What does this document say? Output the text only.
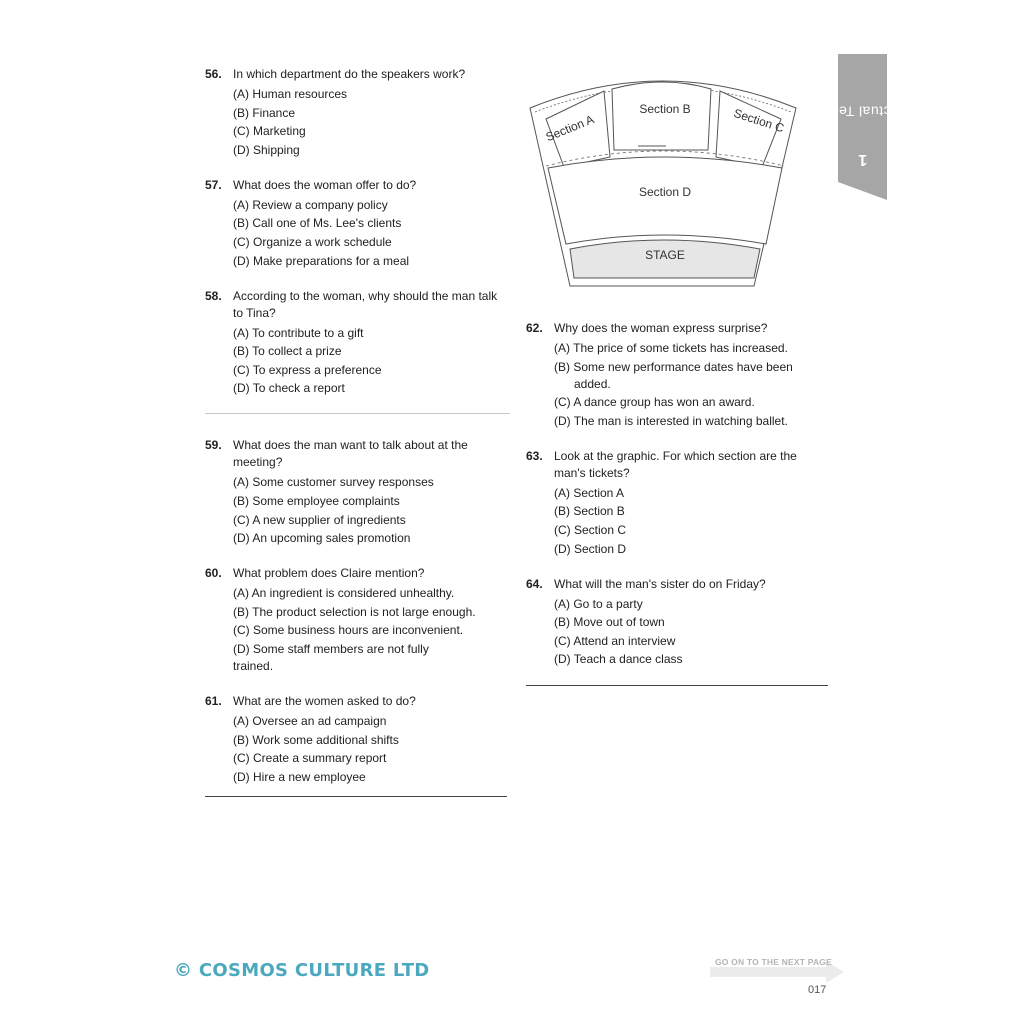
56. In which department do the speakers work?
(A) Human resources
(B) Finance
(C) Marketing
(D) Shipping
57. What does the woman offer to do?
(A) Review a company policy
(B) Call one of Ms. Lee's clients
(C) Organize a work schedule
(D) Make preparations for a meal
58. According to the woman, why should the man talk to Tina?
(A) To contribute to a gift
(B) To collect a prize
(C) To express a preference
(D) To check a report
59. What does the man want to talk about at the meeting?
(A) Some customer survey responses
(B) Some employee complaints
(C) A new supplier of ingredients
(D) An upcoming sales promotion
60. What problem does Claire mention?
(A) An ingredient is considered unhealthy.
(B) The product selection is not large enough.
(C) Some business hours are inconvenient.
(D) Some staff members are not fully trained.
61. What are the women asked to do?
(A) Oversee an ad campaign
(B) Work some additional shifts
(C) Create a summary report
(D) Hire a new employee
Section A
Section B	Section C
Section D
STAGE
62. Why does the woman express surprise?
(A) The price of some tickets has increased.
(B) Some new performance dates have been added.
(C) A dance group has won an award.
(D) The man is interested in watching ballet.
63. Look at the graphic. For which section are the man's tickets?
(A) Section A
(B) Section B
(C) Section C
(D) Section D
64. What will the man's sister do on Friday?
(A) Go to a party
(B) Move out of town
(C) Attend an interview
(D) Teach a dance class
Actual Test1
© COSMOS CULTURE LTD	GO ON TO THE NEXT PAGE
017
